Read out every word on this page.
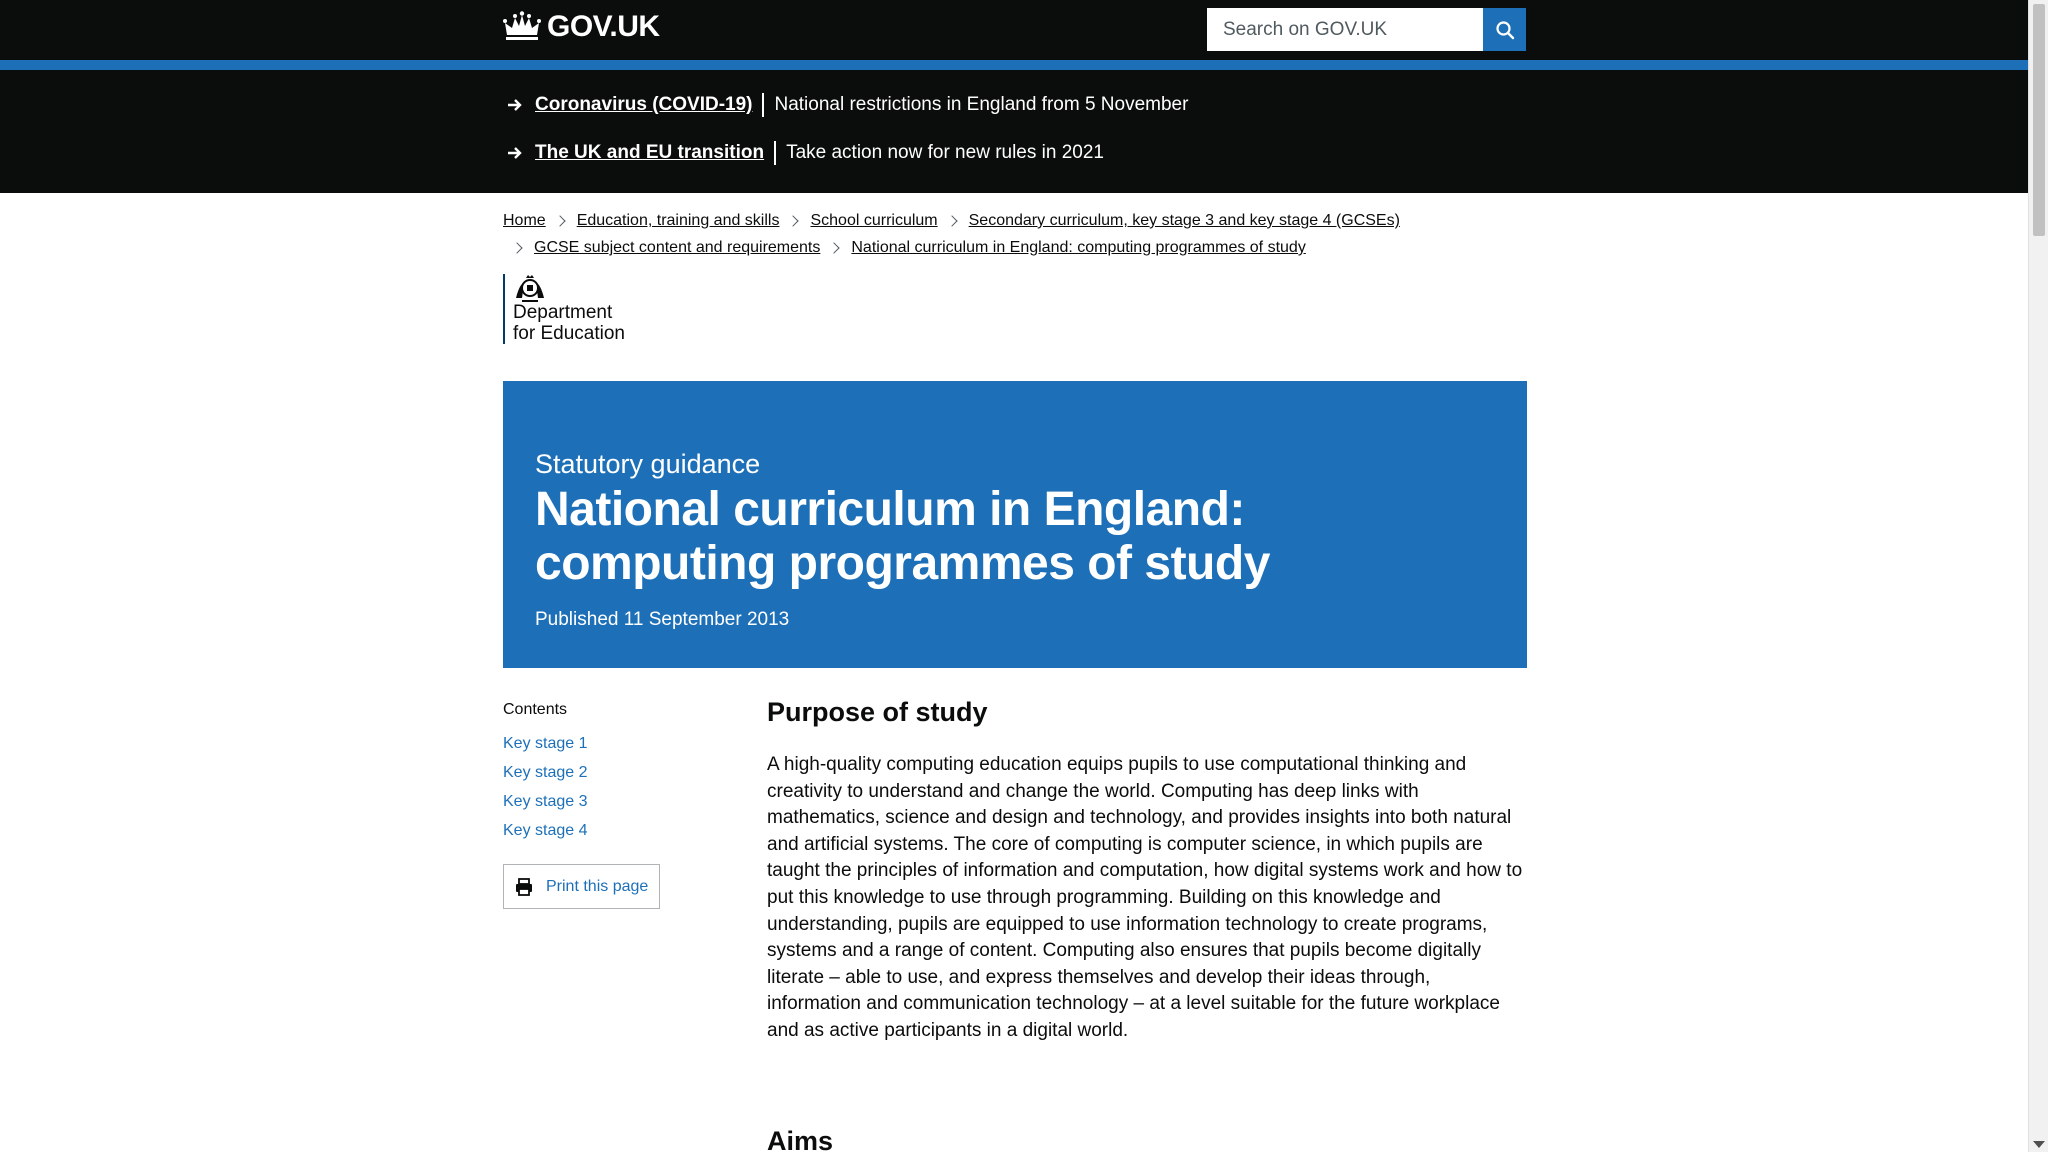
GOV.UK
Search on GOV.UK
Coronavirus (COVID-19) National restrictions in England from 5 November
The UK and EU transition Take action now for new rules in 2021
Home Education, training and skills School curriculum Secondary curriculum, key stage 3 and key stage 4 (GCSEs)
GCSE subject content and requirements National curriculum in England: computing programmes of study
Department
for Education
Statutory guidance
National curriculum in England: computing programmes of study
Published 11 September 2013
Contents
Key stage 1
Key stage 2
Key stage 3
Key stage 4
Print this page
Purpose of study

A high-quality computing education equips pupils to use computational thinking and creativity to understand and change the world. Computing has deep links with mathematics, science and design and technology, and provides insights into both natural and artificial systems. The core of computing is computer science, in which pupils are taught the principles of information and computation, how digital systems work and how to put this knowledge to use through programming. Building on this knowledge and understanding, pupils are equipped to use information technology to create programs, systems and a range of content. Computing also ensures that pupils become digitally literate – able to use, and express themselves and develop their ideas through, information and communication technology – at a level suitable for the future workplace and as active participants in a digital world.

Aims
